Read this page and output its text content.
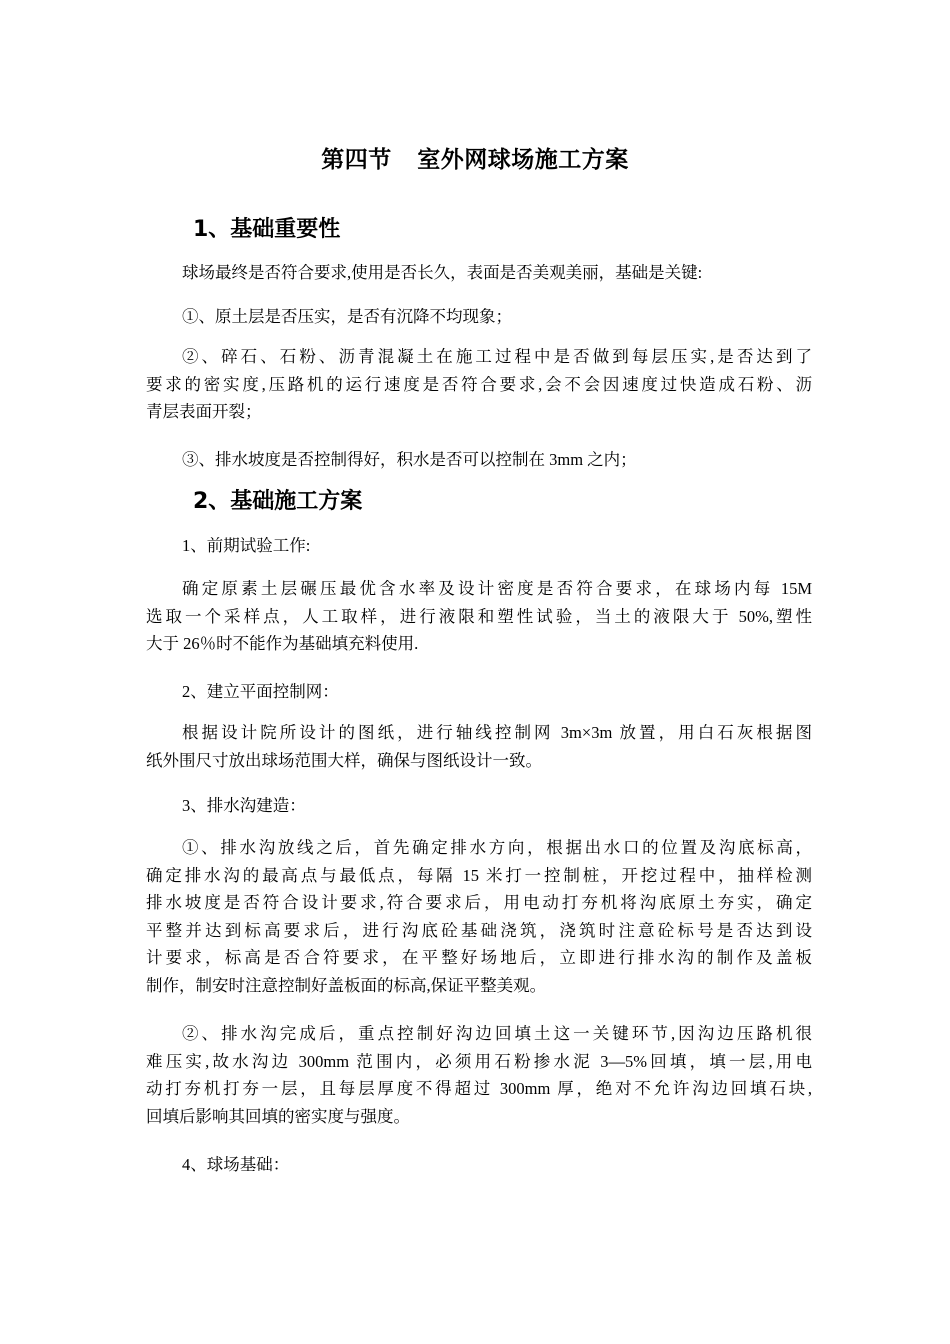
第四节   室外网球场施工方案
1、基础重要性
球场最终是否符合要求,使用是否长久，表面是否美观美丽，基础是关键:
①、原土层是否压实，是否有沉降不均现象；
②、碎石、石粉、沥青混凝土在施工过程中是否做到每层压实,是否达到了
要求的密实度,压路机的运行速度是否符合要求,会不会因速度过快造成石粉、沥
青层表面开裂；
③、排水坡度是否控制得好，积水是否可以控制在 3mm 之内；
2、基础施工方案
1、前期试验工作:
确定原素土层碾压最优含水率及设计密度是否符合要求，在球场内每 15M
选取一个采样点，人工取样，进行液限和塑性试验，当土的液限大于 50%,塑性
大于 26％时不能作为基础填充料使用.
2、建立平面控制网：
根据设计院所设计的图纸，进行轴线控制网 3m×3m 放置，用白石灰根据图
纸外围尺寸放出球场范围大样，确保与图纸设计一致。
3、排水沟建造：
①、排水沟放线之后，首先确定排水方向，根据出水口的位置及沟底标高，
确定排水沟的最高点与最低点，每隔 15 米打一控制桩，开挖过程中，抽样检测
排水坡度是否符合设计要求,符合要求后，用电动打夯机将沟底原土夯实，确定
平整并达到标高要求后，进行沟底砼基础浇筑，浇筑时注意砼标号是否达到设
计要求，标高是否合符要求，在平整好场地后，立即进行排水沟的制作及盖板
制作，制安时注意控制好盖板面的标高,保证平整美观。
②、排水沟完成后，重点控制好沟边回填土这一关键环节,因沟边压路机很
难压实,故水沟边 300mm 范围内，必须用石粉掺水泥 3—5%回填，填一层,用电
动打夯机打夯一层，且每层厚度不得超过 300mm 厚，绝对不允许沟边回填石块,
回填后影响其回填的密实度与强度。
4、球场基础：
